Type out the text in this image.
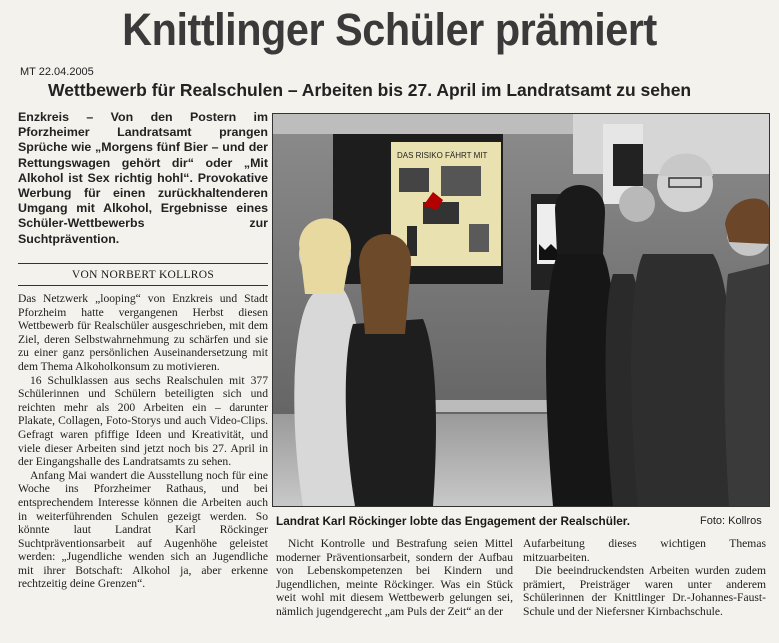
Knittlinger Schüler prämiert
MT 22.04.2005
Wettbewerb für Realschulen – Arbeiten bis 27. April im Landratsamt zu sehen

Enzkreis – Von den Postern im Pforzheimer Landratsamt prangen Sprüche wie „Morgens fünf Bier – und der Rettungswagen gehört dir“ oder „Mit Alkohol ist Sex richtig hohl“. Provokative Werbung für einen zurückhaltenderen Umgang mit Alkohol, Ergebnisse eines Schüler-Wettbewerbs zur Suchtprävention.

VON NORBERT KOLLROS

Das Netzwerk „looping“ von Enzkreis und Stadt Pforzheim hatte vergangenen Herbst diesen Wettbewerb für Realschüler ausgeschrieben, mit dem Ziel, deren Selbstwahrnehmung zu schärfen und sie zu einer ganz persönlichen Auseinandersetzung mit dem Thema Alkoholkonsum zu motivieren.

16 Schulklassen aus sechs Realschulen mit 377 Schülerinnen und Schülern beteiligten sich und reichten mehr als 200 Arbeiten ein – darunter Plakate, Collagen, Foto-Storys und auch Video-Clips. Gefragt waren pfiffige Ideen und Kreativität, und viele dieser Arbeiten sind jetzt noch bis 27. April in der Eingangshalle des Landratsamts zu sehen.

Anfang Mai wandert die Ausstellung noch für eine Woche ins Pforzheimer Rathaus, und bei entsprechendem Interesse können die Arbeiten auch in weiterführenden Schulen gezeigt werden. So könnte laut Landrat Karl Röckinger Suchtpräventionsarbeit auf Augenhöhe geleistet werden: „Jugendliche wenden sich an Jugendliche mit ihrer Botschaft: Alkohol ja, aber erkenne rechtzeitig deine Grenzen“.

DAS RISIKO FÄHRT MIT
Landrat Karl Röckinger lobte das Engagement der Realschüler.	Foto: Kollros

Nicht Kontrolle und Bestrafung seien Mittel moderner Präventionsarbeit, sondern der Aufbau von Lebenskompetenzen bei Kindern und Jugendlichen, meinte Röckinger. Was ein Stück weit wohl mit diesem Wettbewerb gelungen sei, nämlich jugendgerecht „am Puls der Zeit“ an der

Aufarbeitung dieses wichtigen Themas mitzuarbeiten.

Die beeindruckendsten Arbeiten wurden zudem prämiert, Preisträger waren unter anderem Schülerinnen der Knittlinger Dr.-Johannes-Faust-Schule und der Niefersner Kirnbachschule.
